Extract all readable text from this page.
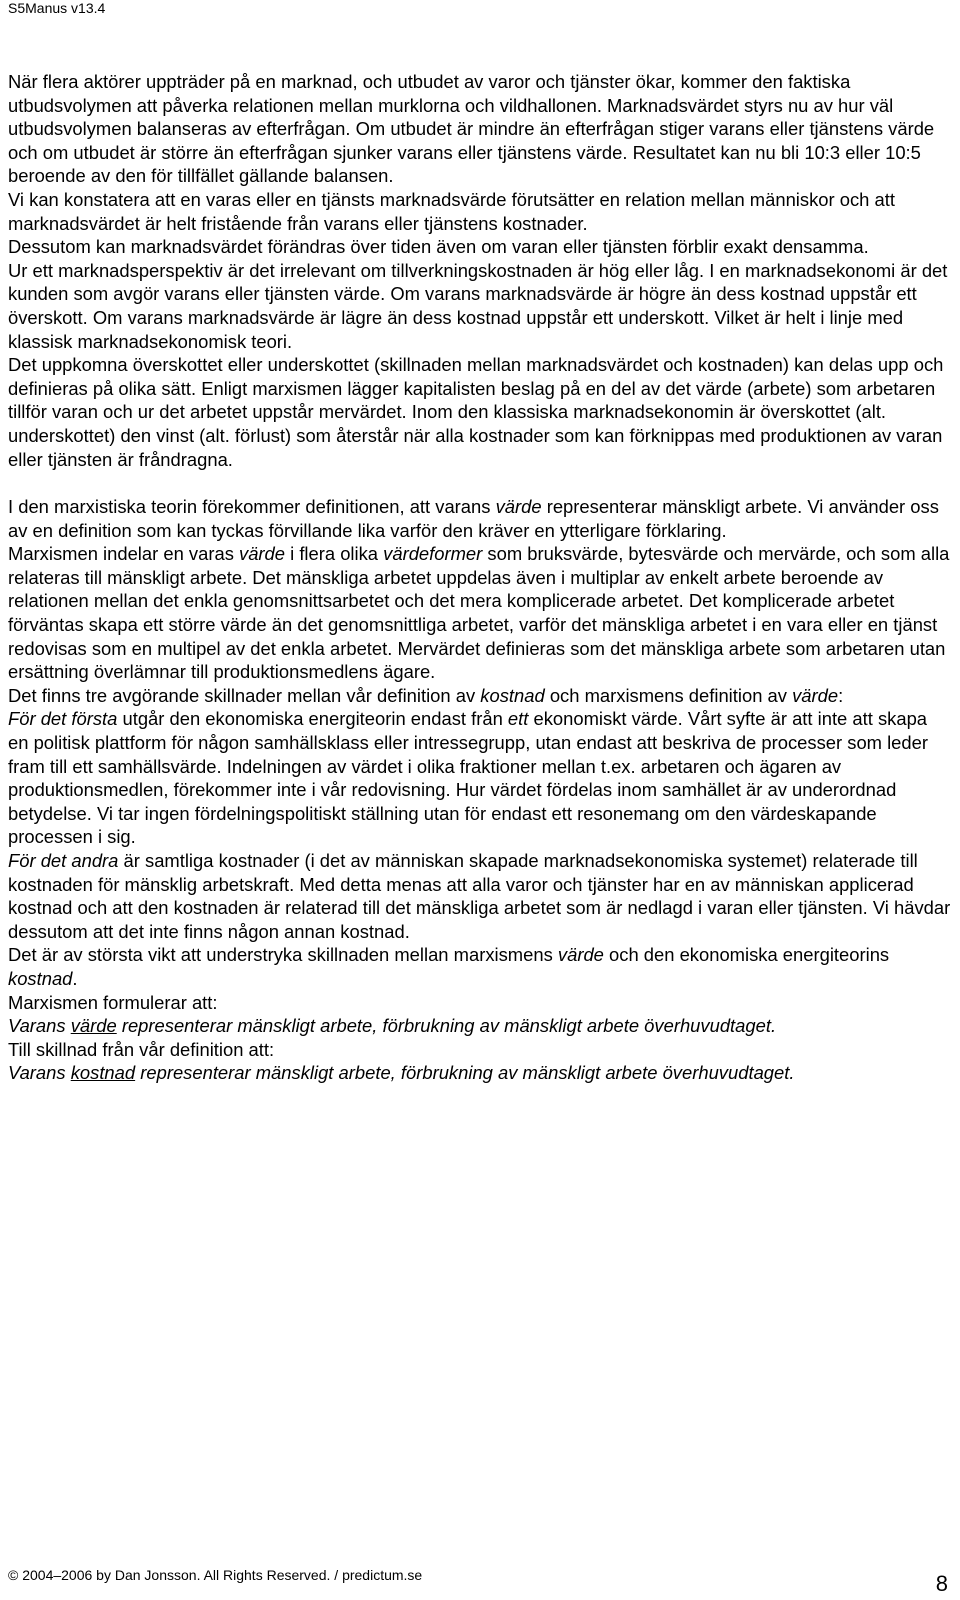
S5Manus v13.4

När flera aktörer uppträder på en marknad, och utbudet av varor och tjänster ökar, kommer den faktiska utbudsvolymen att påverka relationen mellan murklorna och vildhallonen. Marknadsvärdet styrs nu av hur väl utbudsvolymen balanseras av efterfrågan. Om utbudet är mindre än efterfrågan stiger varans eller tjänstens värde och om utbudet är större än efterfrågan sjunker varans eller tjänstens värde. Resultatet kan nu bli 10:3 eller 10:5 beroende av den för tillfället gällande balansen.

Vi kan konstatera att en varas eller en tjänsts marknadsvärde förutsätter en relation mellan människor och att marknadsvärdet är helt fristående från varans eller tjänstens kostnader.

Dessutom kan marknadsvärdet förändras över tiden även om varan eller tjänsten förblir exakt densamma.

Ur ett marknadsperspektiv är det irrelevant om tillverkningskostnaden är hög eller låg. I en marknadsekonomi är det kunden som avgör varans eller tjänsten värde. Om varans marknadsvärde är högre än dess kostnad uppstår ett överskott. Om varans marknadsvärde är lägre än dess kostnad uppstår ett underskott. Vilket är helt i linje med klassisk marknadsekonomisk teori.

Det uppkomna överskottet eller underskottet (skillnaden mellan marknadsvärdet och kostnaden) kan delas upp och definieras på olika sätt. Enligt marxismen lägger kapitalisten beslag på en del av det värde (arbete) som arbetaren tillför varan och ur det arbetet uppstår mervärdet. Inom den klassiska marknadsekonomin är överskottet (alt. underskottet) den vinst (alt. förlust) som återstår när alla kostnader som kan förknippas med produktionen av varan eller tjänsten är fråndragna.

I den marxistiska teorin förekommer definitionen, att varans värde representerar mänskligt arbete. Vi använder oss av en definition som kan tyckas förvillande lika varför den kräver en ytterligare förklaring.

Marxismen indelar en varas värde i flera olika värdeformer som bruksvärde, bytesvärde och mervärde, och som alla relateras till mänskligt arbete. Det mänskliga arbetet uppdelas även i multiplar av enkelt arbete beroende av relationen mellan det enkla genomsnittsarbetet och det mera komplicerade arbetet. Det komplicerade arbetet förväntas skapa ett större värde än det genomsnittliga arbetet, varför det mänskliga arbetet i en vara eller en tjänst redovisas som en multipel av det enkla arbetet. Mervärdet definieras som det mänskliga arbete som arbetaren utan ersättning överlämnar till produktionsmedlens ägare.

Det finns tre avgörande skillnader mellan vår definition av kostnad och marxismens definition av värde:

För det första utgår den ekonomiska energiteorin endast från ett ekonomiskt värde. Vårt syfte är att inte att skapa en politisk plattform för någon samhällsklass eller intressegrupp, utan endast att beskriva de processer som leder fram till ett samhällsvärde. Indelningen av värdet i olika fraktioner mellan t.ex. arbetaren och ägaren av produktionsmedlen, förekommer inte i vår redovisning. Hur värdet fördelas inom samhället är av underordnad betydelse. Vi tar ingen fördelningspolitiskt ställning utan för endast ett resonemang om den värdeskapande processen i sig.

För det andra är samtliga kostnader (i det av människan skapade marknadsekonomiska systemet) relaterade till kostnaden för mänsklig arbetskraft. Med detta menas att alla varor och tjänster har en av människan applicerad kostnad och att den kostnaden är relaterad till det mänskliga arbetet som är nedlagd i varan eller tjänsten. Vi hävdar dessutom att det inte finns någon annan kostnad.

Det är av största vikt att understryka skillnaden mellan marxismens värde och den ekonomiska energiteorins kostnad.

Marxismen formulerar att:

Varans värde representerar mänskligt arbete, förbrukning av mänskligt arbete överhuvudtaget.

Till skillnad från vår definition att:

Varans kostnad representerar mänskligt arbete, förbrukning av mänskligt arbete överhuvudtaget.

© 2004–2006 by Dan Jonsson. All Rights Reserved. / predictum.se	8
